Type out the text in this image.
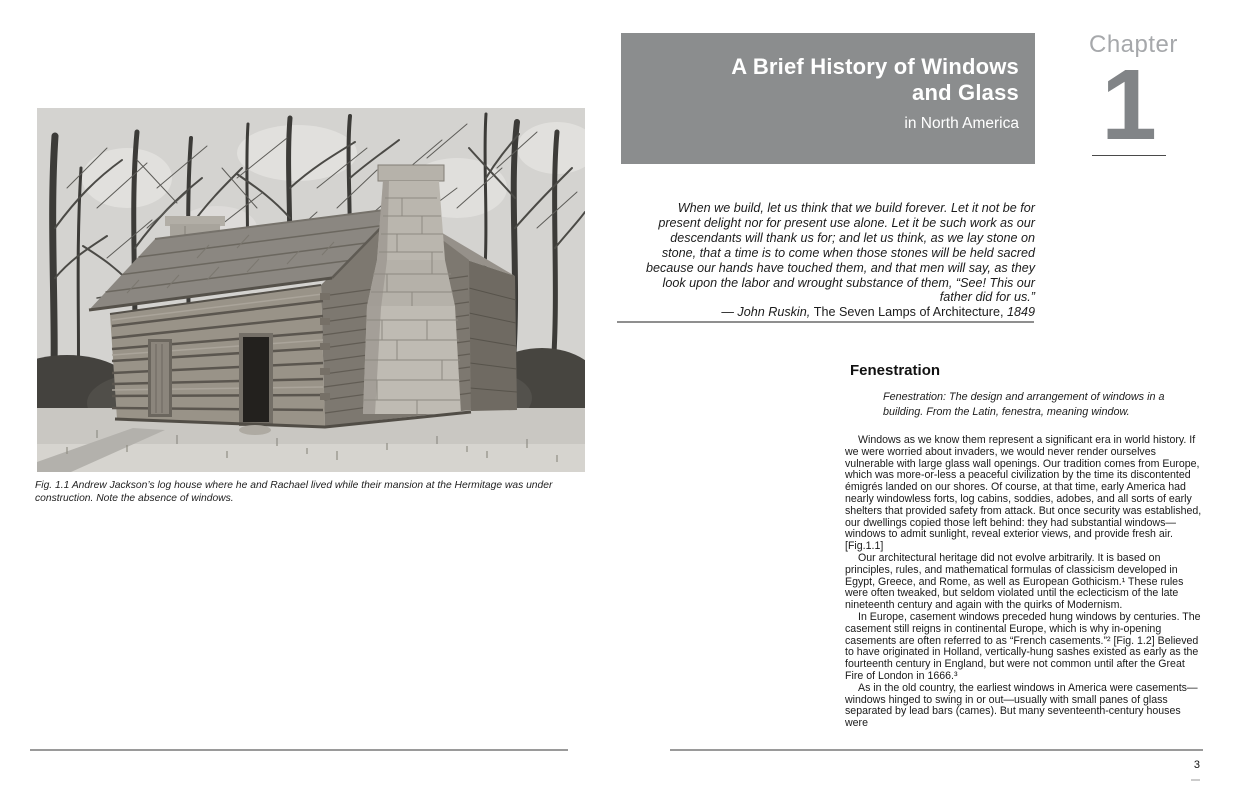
Fig. 1.1 Andrew Jackson’s log house where he and Rachael lived while their mansion at the Hermitage was under construction. Note the absence of windows.
A Brief History of Windows
and Glass
in North America
Chapter
1
When we build, let us think that we build forever. Let it not be for present delight nor for present use alone. Let it be such work as our descendants will thank us for; and let us think, as we lay stone on stone, that a time is to come when those stones will be held sacred because our hands have touched them, and that men will say, as they look upon the labor and wrought substance of them, “See! This our father did for us.”
— John Ruskin, The Seven Lamps of Architecture, 1849
Fenestration
Fenestration: The design and arrangement of windows in a building. From the Latin, fenestra, meaning window.

Windows as we know them represent a significant era in world history. If we were worried about invaders, we would never render ourselves vulnerable with large glass wall openings. Our tradition comes from Europe, which was more-or-less a peaceful civilization by the time its discontented émigrés landed on our shores. Of course, at that time, early America had nearly windowless forts, log cabins, soddies, adobes, and all sorts of early shelters that provided safety from attack. But once security was established, our dwellings copied those left behind: they had substantial windows—windows to admit sunlight, reveal exterior views, and provide fresh air. [Fig.1.1]

Our architectural heritage did not evolve arbitrarily. It is based on principles, rules, and mathematical formulas of classicism developed in Egypt, Greece, and Rome, as well as European Gothicism.¹ These rules were often tweaked, but seldom violated until the eclecticism of the late nineteenth century and again with the quirks of Modernism.

In Europe, casement windows preceded hung windows by centuries. The casement still reigns in continental Europe, which is why in-opening casements are often referred to as “French casements.”² [Fig. 1.2] Believed to have originated in Holland, vertically-hung sashes existed as early as the fourteenth century in England, but were not common until after the Great Fire of London in 1666.³

As in the old country, the earliest windows in America were casements—windows hinged to swing in or out—usually with small panes of glass separated by lead bars (cames). But many seventeenth-century houses were

3
